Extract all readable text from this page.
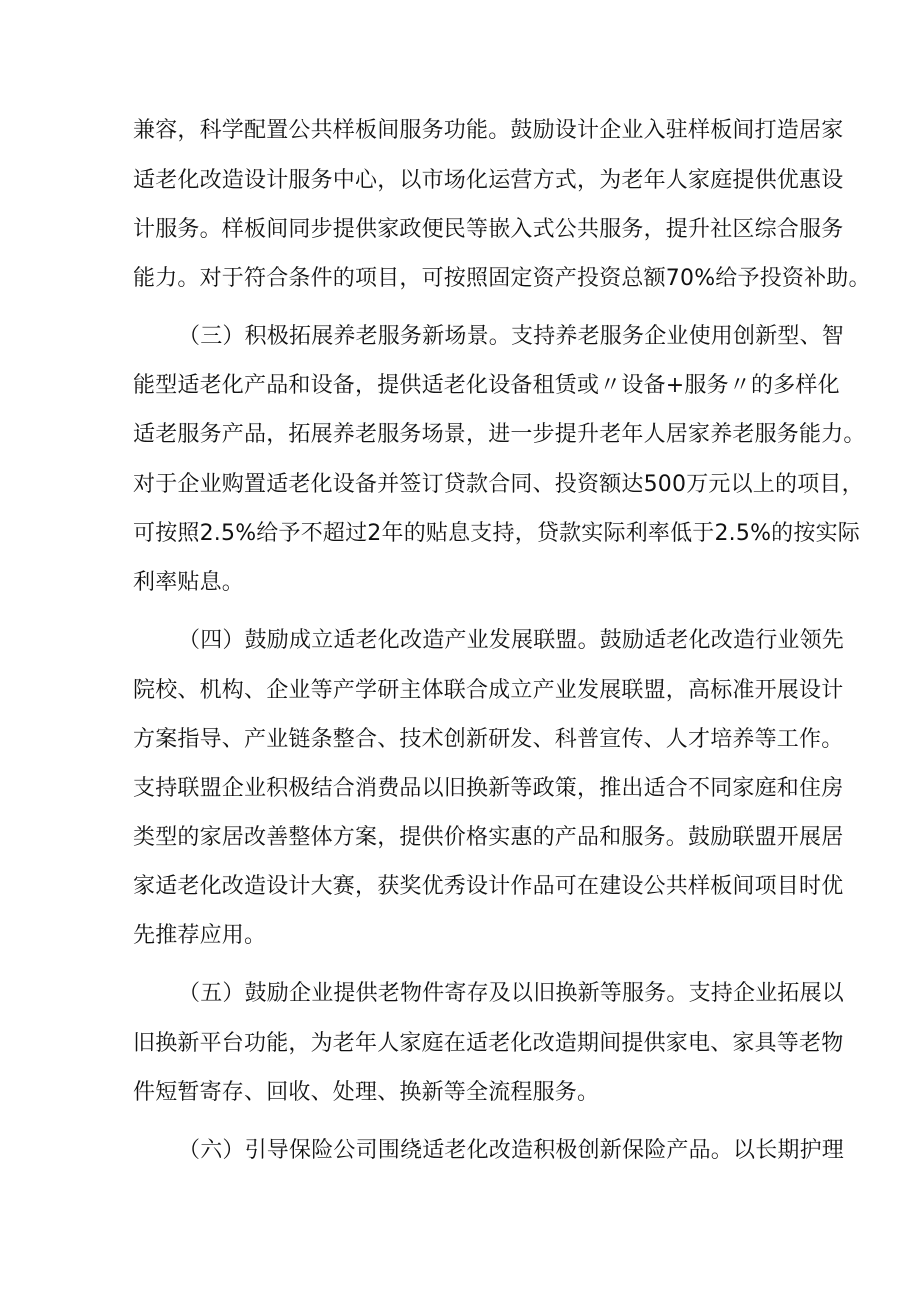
兼容，科学配置公共样板间服务功能。鼓励设计企业入驻样板间打造居家
适老化改造设计服务中心，以市场化运营方式，为老年人家庭提供优惠设
计服务。样板间同步提供家政便民等嵌入式公共服务，提升社区综合服务
能力。对于符合条件的项目，可按照固定资产投资总额70%给予投资补助。
（三）积极拓展养老服务新场景。支持养老服务企业使用创新型、智
能型适老化产品和设备，提供适老化设备租赁或〃设备+服务〃的多样化
适老服务产品，拓展养老服务场景，进一步提升老年人居家养老服务能力。
对于企业购置适老化设备并签订贷款合同、投资额达500万元以上的项目，
可按照2.5%给予不超过2年的贴息支持，贷款实际利率低于2.5%的按实际
利率贴息。
（四）鼓励成立适老化改造产业发展联盟。鼓励适老化改造行业领先
院校、机构、企业等产学研主体联合成立产业发展联盟，高标准开展设计
方案指导、产业链条整合、技术创新研发、科普宣传、人才培养等工作。
支持联盟企业积极结合消费品以旧换新等政策，推出适合不同家庭和住房
类型的家居改善整体方案，提供价格实惠的产品和服务。鼓励联盟开展居
家适老化改造设计大赛，获奖优秀设计作品可在建设公共样板间项目时优
先推荐应用。
（五）鼓励企业提供老物件寄存及以旧换新等服务。支持企业拓展以
旧换新平台功能，为老年人家庭在适老化改造期间提供家电、家具等老物
件短暂寄存、回收、处理、换新等全流程服务。
（六）引导保险公司围绕适老化改造积极创新保险产品。以长期护理
